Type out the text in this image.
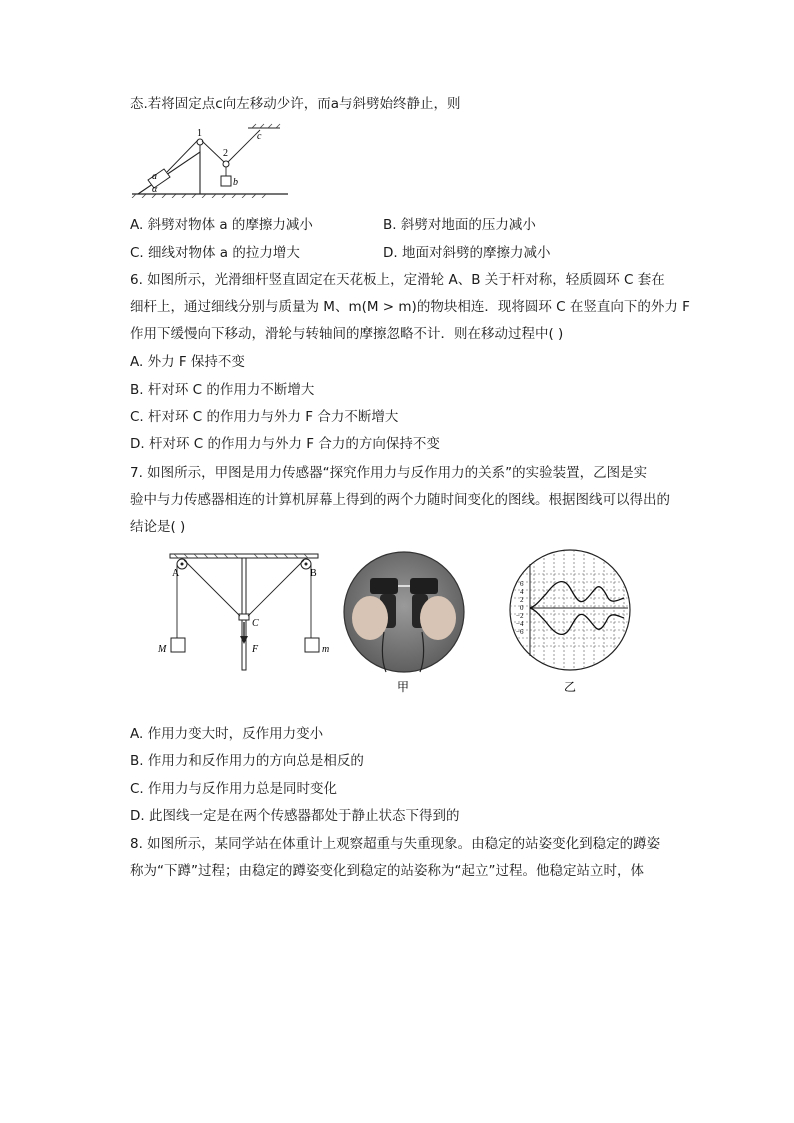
态.若将固定点c向左移动少许，而a与斜劈始终静止，则
1
2
a
α
b
c
A. 斜劈对物体 a 的摩擦力减小	B. 斜劈对地面的压力减小
C. 细线对物体 a 的拉力增大	D. 地面对斜劈的摩擦力减小
6. 如图所示，光滑细杆竖直固定在天花板上，定滑轮 A、B 关于杆对称，轻质圆环 C 套在
细杆上，通过细线分别与质量为 M、m(M > m)的物块相连．现将圆环 C 在竖直向下的外力 F
作用下缓慢向下移动，滑轮与转轴间的摩擦忽略不计．则在移动过程中( )
A. 外力 F 保持不变
B. 杆对环 C 的作用力不断增大
C. 杆对环 C 的作用力与外力 F 合力不断增大
D. 杆对环 C 的作用力与外力 F 合力的方向保持不变
7. 如图所示，甲图是用力传感器“探究作用力与反作用力的关系”的实验装置，乙图是实
验中与力传感器相连的计算机屏幕上得到的两个力随时间变化的图线。根据图线可以得出的
结论是( )
A	B
C
M	m
F
甲
6
4
2
0
−2
−4
−6
乙
A. 作用力变大时，反作用力变小
B. 作用力和反作用力的方向总是相反的
C. 作用力与反作用力总是同时变化
D. 此图线一定是在两个传感器都处于静止状态下得到的
8. 如图所示，某同学站在体重计上观察超重与失重现象。由稳定的站姿变化到稳定的蹲姿
称为“下蹲”过程；由稳定的蹲姿变化到稳定的站姿称为“起立”过程。他稳定站立时，体
